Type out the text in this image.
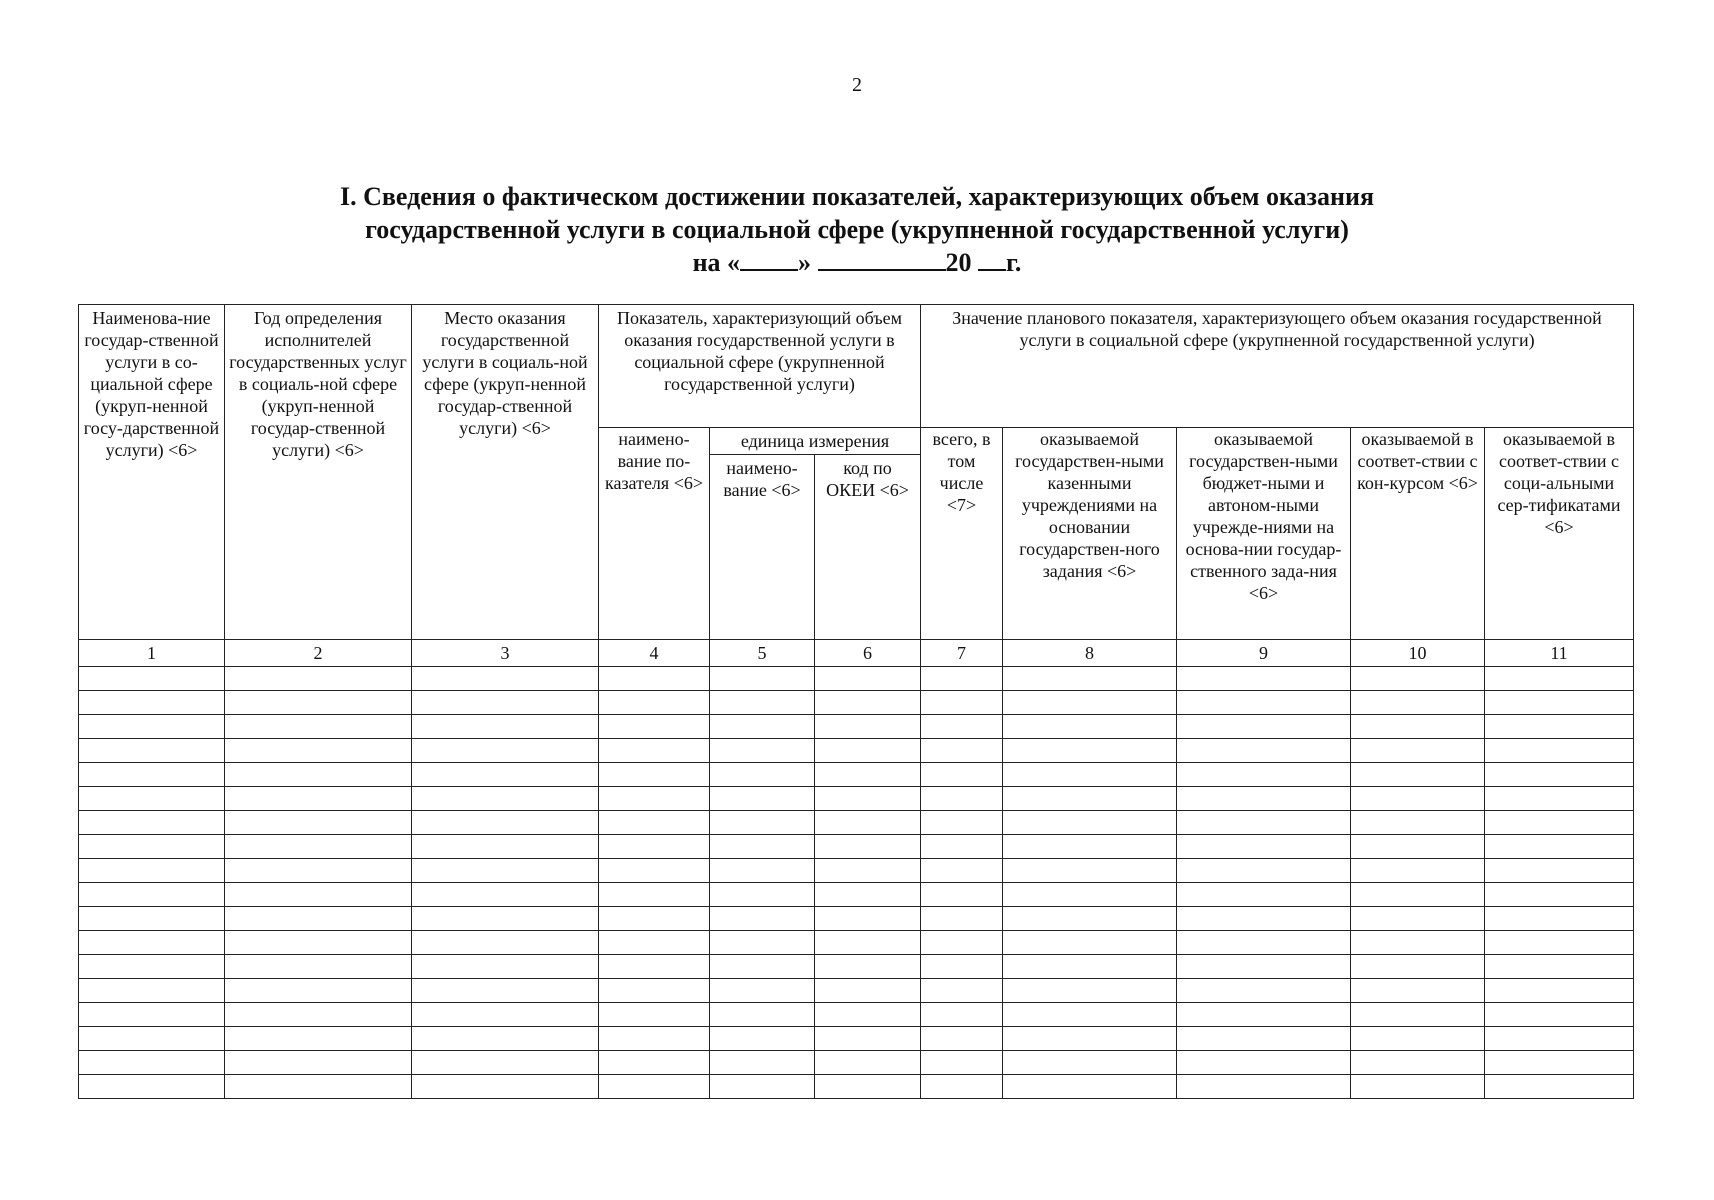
2
I. Сведения о фактическом достижении показателей, характеризующих объем оказания
государственной услуги в социальной сфере (укрупненной государственной услуги)
на « »	20 г.
Наименова-ние государ-ственной услуги в со-циальной сфере (укруп-ненной госу-дарственной услуги) <6>	Год определения исполнителей государственных услуг в социаль-ной сфере (укруп-ненной государ-ственной услуги) <6>	Место оказания государственной услуги в социаль-ной сфере (укруп-ненной государ-ственной услуги) <6>	Показатель, характеризующий объем оказания государственной услуги в социальной сфере (укрупненной государственной услуги)			Значение планового показателя, характеризующего объем оказания государственной услуги в социальной сфере (укрупненной государственной услуги)				
			наимено-вание по-казателя <6>	единица измерения		всего, в том числе <7>	оказываемой государствен-ными казенными учреждениями на основании государствен-ного задания <6>	оказываемой государствен-ными бюджет-ными и автоном-ными учрежде-ниями на основа-нии государ-ственного зада-ния <6>	оказываемой в соответ-ствии с кон-курсом <6>	оказываемой в соответ-ствии с соци-альными сер-тификатами <6>
				наимено-вание <6>	код по ОКЕИ <6>					
1	2	3	4	5	6	7	8	9	10	11
